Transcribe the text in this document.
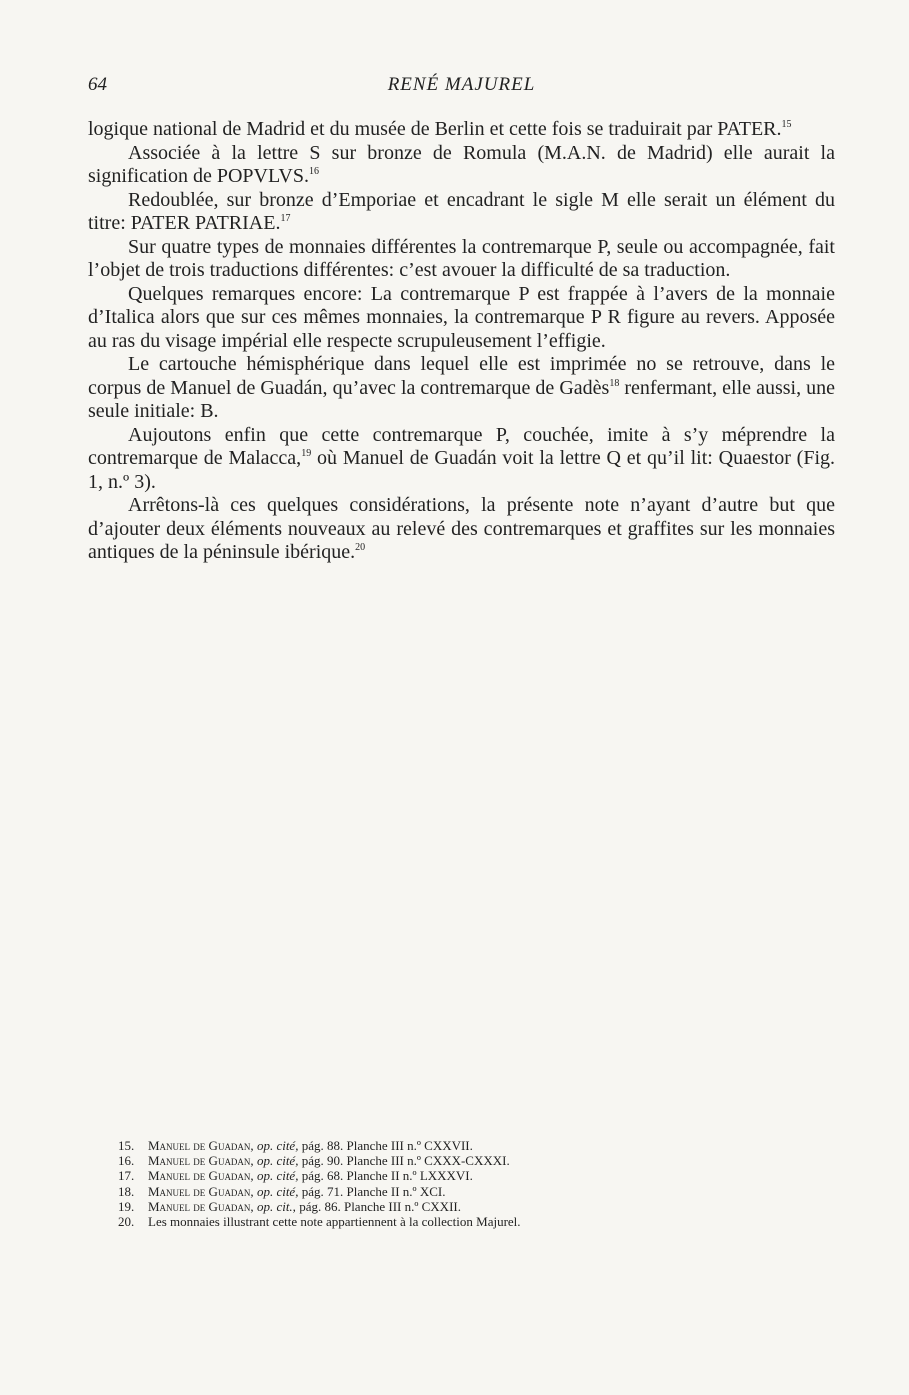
64	RENÉ MAJUREL

logique national de Madrid et du musée de Berlin et cette fois se traduirait par PATER.$^{15}$

Associée à la lettre S sur bronze de Romula (M.A.N. de Madrid) elle aurait la signification de POPVLVS.$^{16}$

Redoublée, sur bronze d’Emporiae et encadrant le sigle M elle serait un élément du titre: PATER PATRIAE.$^{17}$

Sur quatre types de monnaies différentes la contremarque P, seule ou accompagnée, fait l’objet de trois traductions différentes: c’est avouer la difficulté de sa traduction.

Quelques remarques encore: La contremarque P est frappée à l’avers de la monnaie d’Italica alors que sur ces mêmes monnaies, la contremarque P R figure au revers. Apposée au ras du visage impérial elle respecte scrupuleusement l’effigie.

Le cartouche hémisphérique dans lequel elle est imprimée no se retrouve, dans le corpus de Manuel de Guadán, qu’avec la contremarque de Gadès$^{18}$ renfermant, elle aussi, une seule initiale: B.

Aujoutons enfin que cette contremarque P, couchée, imite à s’y méprendre la contremarque de Malacca,$^{19}$ où Manuel de Guadán voit la lettre Q et qu’il lit: Quaestor (Fig. 1, n.º 3).

Arrêtons-là ces quelques considérations, la présente note n’ayant d’autre but que d’ajouter deux éléments nouveaux au relevé des contremarques et graffites sur les monnaies antiques de la péninsule ibérique.$^{20}$

15.	Manuel de Guadan, op. cité, pág. 88. Planche III n.º CXXVII.
16.	Manuel de Guadan, op. cité, pág. 90. Planche III n.º CXXX-CXXXI.
17.	Manuel de Guadan, op. cité, pág. 68. Planche II n.º LXXXVI.
18.	Manuel de Guadan, op. cité, pág. 71. Planche II n.º XCI.
19.	Manuel de Guadan, op. cit., pág. 86. Planche III n.º CXXII.
20.	Les monnaies illustrant cette note appartiennent à la collection Majurel.
